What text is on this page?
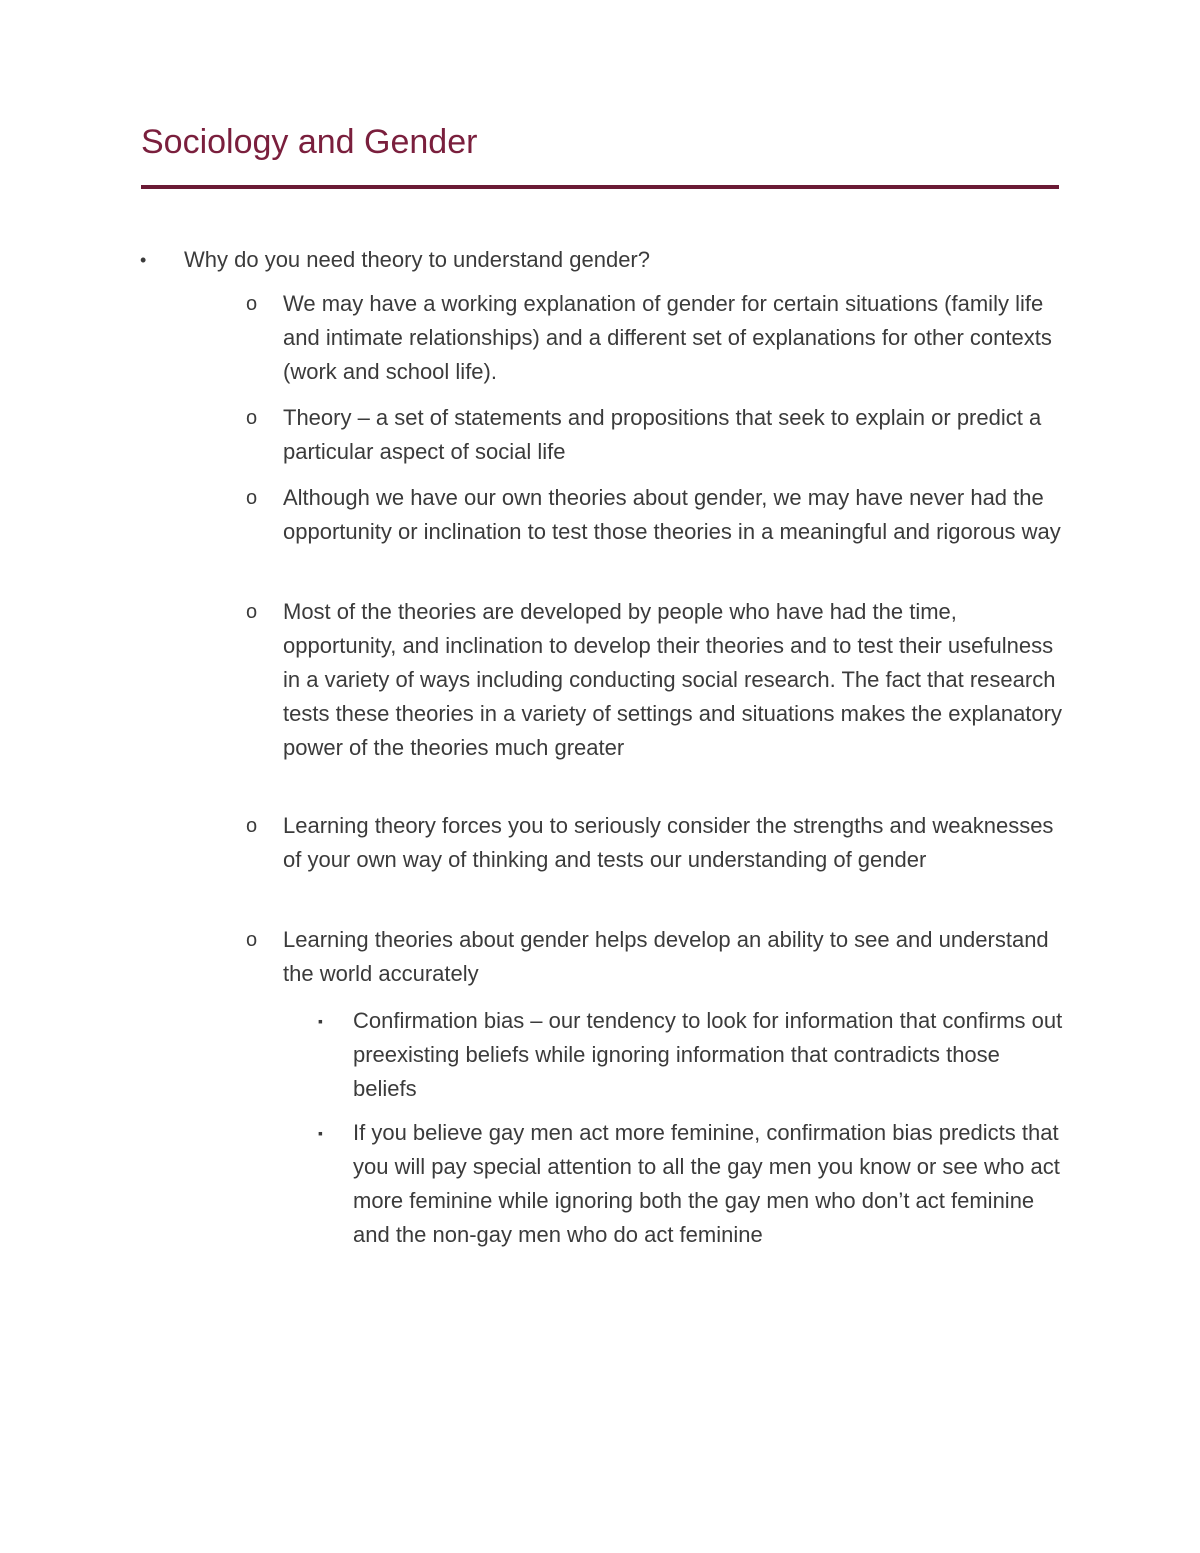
Sociology and Gender
• Why do you need theory to understand gender?
o We may have a working explanation of gender for certain situations (family life and intimate relationships) and a different set of explanations for other contexts (work and school life).
o Theory – a set of statements and propositions that seek to explain or predict a particular aspect of social life
o Although we have our own theories about gender, we may have never had the opportunity or inclination to test those theories in a meaningful and rigorous way
o Most of the theories are developed by people who have had the time, opportunity, and inclination to develop their theories and to test their usefulness in a variety of ways including conducting social research. The fact that research tests these theories in a variety of settings and situations makes the explanatory power of the theories much greater
o Learning theory forces you to seriously consider the strengths and weaknesses of your own way of thinking and tests our understanding of gender
o Learning theories about gender helps develop an ability to see and understand the world accurately
▪ Confirmation bias – our tendency to look for information that confirms out preexisting beliefs while ignoring information that contradicts those beliefs
▪ If you believe gay men act more feminine, confirmation bias predicts that you will pay special attention to all the gay men you know or see who act more feminine while ignoring both the gay men who don’t act feminine and the non-gay men who do act feminine
